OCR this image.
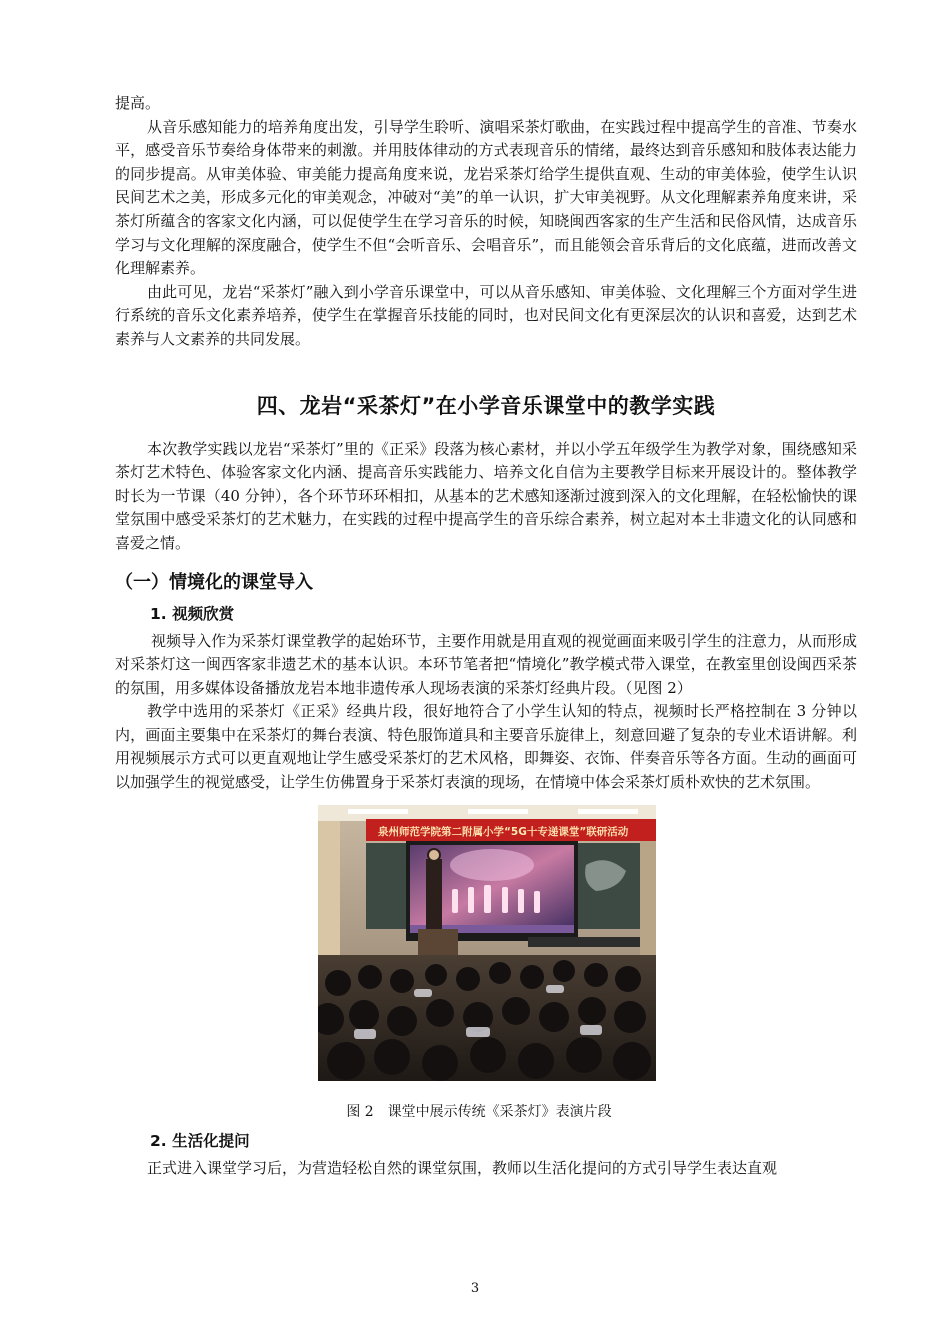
提高。

从音乐感知能力的培养角度出发，引导学生聆听、演唱采茶灯歌曲，在实践过程中提高学生的音准、节奏水平，感受音乐节奏给身体带来的刺激。并用肢体律动的方式表现音乐的情绪，最终达到音乐感知和肢体表达能力的同步提高。从审美体验、审美能力提高角度来说，龙岩采茶灯给学生提供直观、生动的审美体验，使学生认识民间艺术之美，形成多元化的审美观念，冲破对“美”的单一认识，扩大审美视野。从文化理解素养角度来讲，采茶灯所蕴含的客家文化内涵，可以促使学生在学习音乐的时候，知晓闽西客家的生产生活和民俗风情，达成音乐学习与文化理解的深度融合，使学生不但“会听音乐、会唱音乐”，而且能领会音乐背后的文化底蕴，进而改善文化理解素养。

由此可见，龙岩“采茶灯”融入到小学音乐课堂中，可以从音乐感知、审美体验、文化理解三个方面对学生进行系统的音乐文化素养培养，使学生在掌握音乐技能的同时，也对民间文化有更深层次的认识和喜爱，达到艺术素养与人文素养的共同发展。

四、龙岩“采茶灯”在小学音乐课堂中的教学实践

本次教学实践以龙岩“采茶灯”里的《正采》段落为核心素材，并以小学五年级学生为教学对象，围绕感知采茶灯艺术特色、体验客家文化内涵、提高音乐实践能力、培养文化自信为主要教学目标来开展设计的。整体教学时长为一节课（40 分钟），各个环节环环相扣，从基本的艺术感知逐渐过渡到深入的文化理解，在轻松愉快的课堂氛围中感受采茶灯的艺术魅力，在实践的过程中提高学生的音乐综合素养，树立起对本土非遗文化的认同感和喜爱之情。

（一）情境化的课堂导入
1. 视频欣赏

视频导入作为采茶灯课堂教学的起始环节，主要作用就是用直观的视觉画面来吸引学生的注意力，从而形成对采茶灯这一闽西客家非遗艺术的基本认识。本环节笔者把“情境化”教学模式带入课堂，在教室里创设闽西采茶的氛围，用多媒体设备播放龙岩本地非遗传承人现场表演的采茶灯经典片段。（见图 2）

教学中选用的采茶灯《正采》经典片段，很好地符合了小学生认知的特点，视频时长严格控制在 3 分钟以内，画面主要集中在采茶灯的舞台表演、特色服饰道具和主要音乐旋律上，刻意回避了复杂的专业术语讲解。利用视频展示方式可以更直观地让学生感受采茶灯的艺术风格，即舞姿、衣饰、伴奏音乐等各方面。生动的画面可以加强学生的视觉感受，让学生仿佛置身于采茶灯表演的现场，在情境中体会采茶灯质朴欢快的艺术氛围。

泉州师范学院第二附属小学“5G十专递课堂”联研活动
图 2 课堂中展示传统《采茶灯》表演片段
2. 生活化提问

正式进入课堂学习后，为营造轻松自然的课堂氛围，教师以生活化提问的方式引导学生表达直观

3
